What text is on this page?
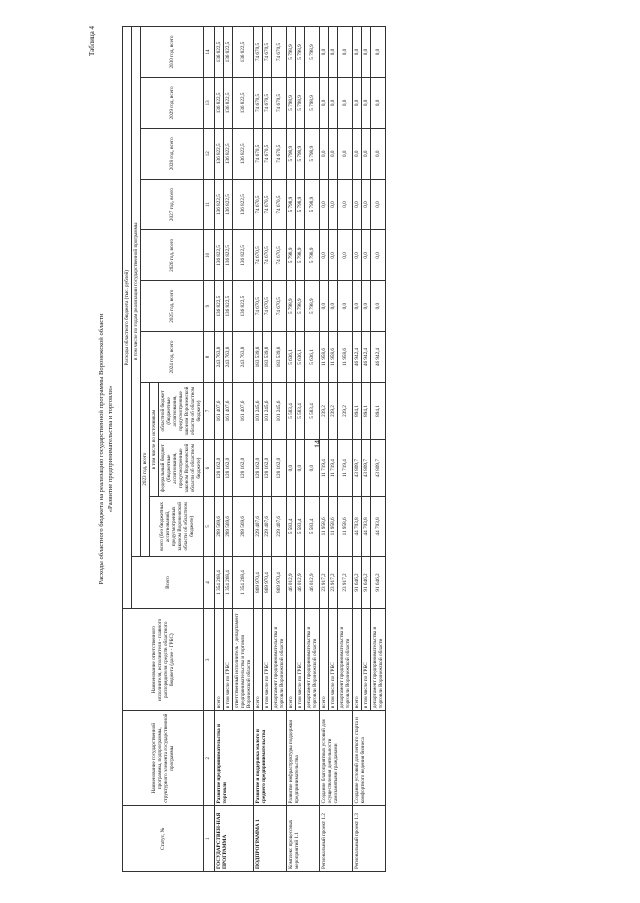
14
Таблица 4
Расходы областного бюджета на реализацию государственной программы Воронежской области «Развитие предпринимательства и торговли»
Статус, №	Наименование государственной программы, подпрограммы, структурного элемента государственной программы	Наименование ответственного исполнителя, исполнителя - главного распорядителя средств областного бюджета (далее - ГРБС)	Расходы областного бюджета (тыс. рублей)										
			Всего	в том числе по годам реализации государственной программы									
				2023 год, всего			2024 год, всего	2025 год, всего	2026 год, всего	2027 год, всего	2028 год, всего	2029 год, всего	2030 год, всего
				всего (без бюджетных ассигнований, предусмотренных законом Воронежской области об областном бюджете)	в том числе по источникам федеральный бюджет (бюджетные ассигнования, предусмотренные законом Воронежской области об областном бюджете)
областной бюджет (бюджетные ассигнования, предусмотренные законом Воронежской области об областном бюджете)								

1	2	3	4	5	6	7	8	9	10	11	12	13	14
ГОСУДАРСТВЕН-НАЯ ПРОГРАММА	Развитие предпринимательства и торговли	всего	1 354 268,4	289 569,6	128 162,0	161 407,6	243 763,8	136 822,5	136 822,5	136 822,5	136 822,5	136 822,5	136 822,5
		в том числе по ГРБС	1 354 268,4	289 569,6	128 162,0	161 407,6	243 763,8	136 822,5	136 822,5	136 822,5	136 822,5	136 822,5	136 822,5
		ответственный исполнитель - департамент предпринимательства и торговли Воронежской области	1 354 268,4	289 569,6	128 162,0	161 407,6	243 763,8	136 822,5	136 822,5	136 822,5	136 822,5	136 822,5	136 822,5
ПОДПРОГРАММА 1	Развитие и поддержка малого и среднего предпринимательства	всего	869 970,4	229 407,6	128 162,0	101 245,6	183 539,8	74 670,5	74 670,5	74 670,5	74 670,5	74 670,5	74 670,5
		в том числе по ГРБС	869 970,4	229 407,6	128 162,0	101 245,6	183 539,8	74 670,5	74 670,5	74 670,5	74 670,5	74 670,5	74 670,5
		департамент предпринимательства и торговли Воронежской области	869 970,4	229 407,6	128 162,0	101 245,6	183 539,8	74 670,5	74 670,5	74 670,5	74 670,5	74 670,5	74 670,5
Комплекс процессных мероприятий 1.1	Развитие инфраструктуры поддержки предпринимательства	всего	46 012,9	5 583,4	0,0	5 583,4	5 636,1	5 798,9	5 798,9	5 798,9	5 798,9	5 798,9	5 798,9
		в том числе по ГРБС	46 012,9	5 583,4	0,0	5 583,4	5 636,1	5 798,9	5 798,9	5 798,9	5 798,9	5 798,9	5 798,9
		департамент предпринимательства и торговли Воронежской области	46 012,9	5 583,4	0,0	5 583,4	5 636,1	5 798,9	5 798,9	5 798,9	5 798,9	5 798,9	5 798,9
Региональный проект 1.2	Создание благоприятных условий для осуществления деятельности самозанятыми гражданами	всего	23 917,2	11 958,6	11 719,4	239,2	11 958,6	0,0	0,0	0,0	0,0	0,0	0,0
		в том числе по ГРБС	23 917,2	11 958,6	11 719,4	239,2	11 958,6	0,0	0,0	0,0	0,0	0,0	0,0
		департамент предпринимательства и торговли Воронежской области	23 917,2	11 958,6	11 719,4	239,2	11 958,6	0,0	0,0	0,0	0,0	0,0	0,0
Региональный проект 1.3	Создание условий для легкого старта и комфортного ведения бизнеса	всего	91 646,2	44 703,8	43 809,7	894,1	46 942,4	0,0	0,0	0,0	0,0	0,0	0,0
		в том числе по ГРБС	91 646,2	44 703,8	43 809,7	894,1	46 942,4	0,0	0,0	0,0	0,0	0,0	0,0
		департамент предпринимательства и торговли Воронежской области	91 646,2	44 703,8	43 809,7	894,1	46 942,4	0,0	0,0	0,0	0,0	0,0	0,0
